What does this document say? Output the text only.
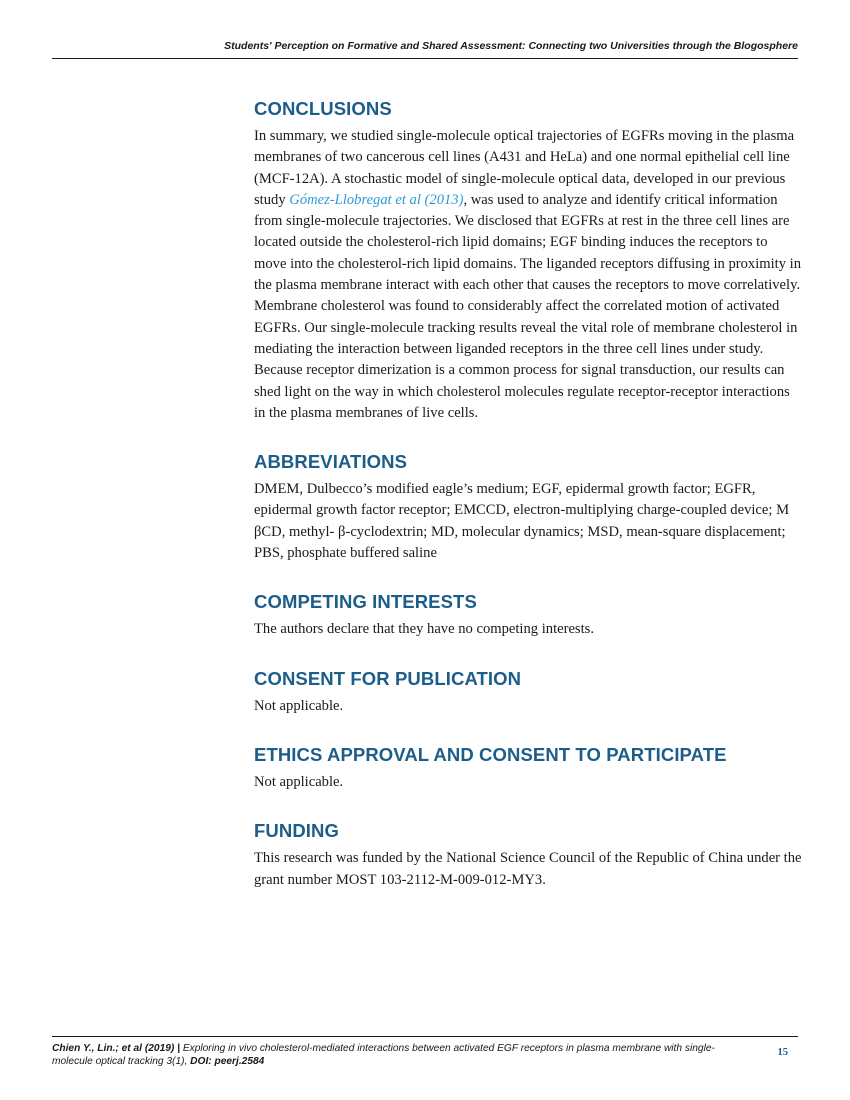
Students' Perception on Formative and Shared Assessment: Connecting two Universities through the Blogosphere
CONCLUSIONS

In summary, we studied single-molecule optical trajectories of EGFRs moving in the plasma membranes of two cancerous cell lines (A431 and HeLa) and one normal epithelial cell line (MCF-12A). A stochastic model of single-molecule optical data, developed in our previous study Gómez-Llobregat et al (2013), was used to analyze and identify critical information from single-molecule trajectories. We disclosed that EGFRs at rest in the three cell lines are located outside the cholesterol-rich lipid domains; EGF binding induces the receptors to move into the cholesterol-rich lipid domains. The liganded receptors diffusing in proximity in the plasma membrane interact with each other that causes the receptors to move correlatively. Membrane cholesterol was found to considerably affect the correlated motion of activated EGFRs. Our single-molecule tracking results reveal the vital role of membrane cholesterol in mediating the interaction between liganded receptors in the three cell lines under study. Because receptor dimerization is a common process for signal transduction, our results can shed light on the way in which cholesterol molecules regulate receptor-receptor interactions in the plasma membranes of live cells.

ABBREVIATIONS

DMEM, Dulbecco’s modified eagle’s medium; EGF, epidermal growth factor; EGFR, epidermal growth factor receptor; EMCCD, electron-multiplying charge-coupled device; M βCD, methyl- β-cyclodextrin; MD, molecular dynamics; MSD, mean-square displacement; PBS, phosphate buffered saline

COMPETING INTERESTS

The authors declare that they have no competing interests.

CONSENT FOR PUBLICATION

Not applicable.

ETHICS APPROVAL AND CONSENT TO PARTICIPATE

Not applicable.

FUNDING

This research was funded by the National Science Council of the Republic of China under the grant number MOST 103-2112-M-009-012-MY3.

Chien Y., Lin.; et al (2019) | Exploring in vivo cholesterol-mediated interactions between activated EGF receptors in plasma membrane with single-molecule optical tracking 3(1), DOI: peerj.2584
15
